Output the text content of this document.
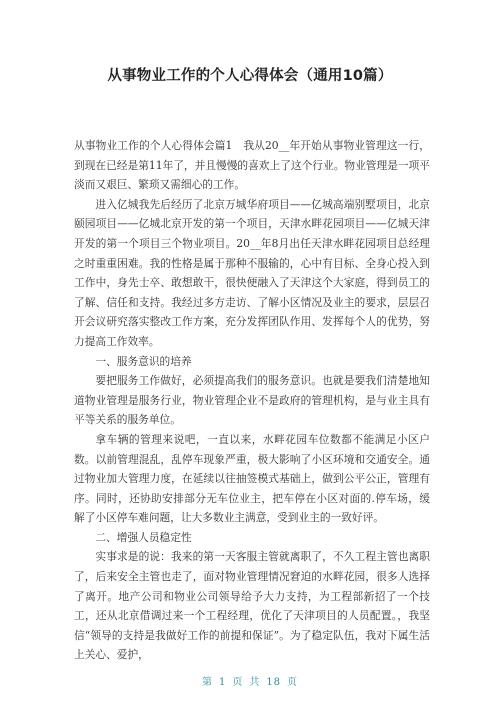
从事物业工作的个人心得体会（通用10篇）

从事物业工作的个人心得体会篇1　我从20__年开始从事物业管理这一行，到现在已经是第11年了，并且慢慢的喜欢上了这个行业。物业管理是一项平淡而又艰巨、繁琐又需细心的工作。

进入亿城我先后经历了北京万城华府项目——亿城高端别墅项目，北京颐园项目——亿城北京开发的第一个项目，天津水畔花园项目——亿城天津开发的第一个项目三个物业项目。20__年8月出任天津水畔花园项目总经理之时重重困难。我的性格是属于那种不服输的，心中有目标、全身心投入到工作中，身先士卒、敢想敢干，很快便融入了天津这个大家庭，得到员工的了解、信任和支持。我经过多方走访、了解小区情况及业主的要求，层层召开会议研究落实整改工作方案，充分发挥团队作用、发挥每个人的优势，努力提高工作效率。

一、服务意识的培养

要把服务工作做好，必须提高我们的服务意识。也就是要我们清楚地知道物业管理是服务行业，物业管理企业不是政府的管理机构，是与业主具有平等关系的服务单位。

拿车辆的管理来说吧，一直以来，水畔花园车位数都不能满足小区户数。以前管理混乱，乱停车现象严重，极大影响了小区环境和交通安全。通过物业加大管理力度，在延续以往抽签模式基础上，做到公平公正，管理有序。同时，还协助安排部分无车位业主，把车停在小区对面的.停车场，缓解了小区停车难问题，让大多数业主满意，受到业主的一致好评。

二、增强人员稳定性

实事求是的说：我来的第一天客服主管就离职了，不久工程主管也离职了，后来安全主管也走了，面对物业管理情况窘迫的水畔花园，很多人选择了离开。地产公司和物业公司领导给予大力支持，为工程部新招了一个技工，还从北京借调过来一个工程经理，优化了天津项目的人员配置。，我坚信“领导的支持是我做好工作的前提和保证”。为了稳定队伍，我对下属生活上关心、爱护，

第 1 页 共 18 页
